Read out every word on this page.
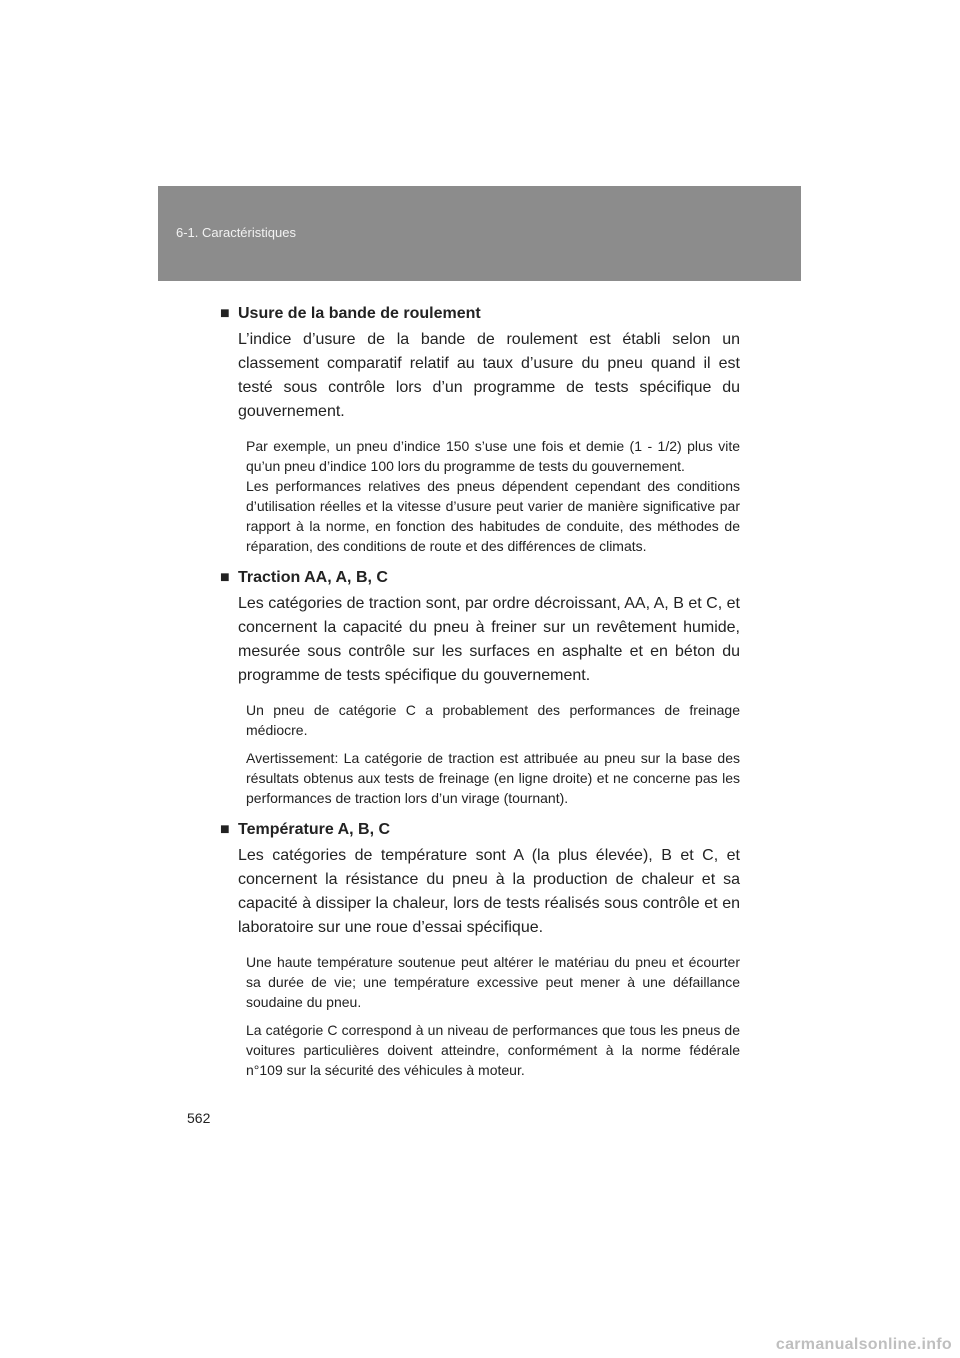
6-1. Caractéristiques

■ Usure de la bande de roulement

L’indice d’usure de la bande de roulement est établi selon un classement comparatif relatif au taux d’usure du pneu quand il est testé sous contrôle lors d’un programme de tests spécifique du gouvernement.

Par exemple, un pneu d’indice 150 s’use une fois et demie (1 - 1/2) plus vite qu’un pneu d’indice 100 lors du programme de tests du gouvernement.

Les performances relatives des pneus dépendent cependant des conditions d’utilisation réelles et la vitesse d’usure peut varier de manière significative par rapport à la norme, en fonction des habitudes de conduite, des méthodes de réparation, des conditions de route et des différences de climats.

■ Traction AA, A, B, C

Les catégories de traction sont, par ordre décroissant, AA, A, B et C, et concernent la capacité du pneu à freiner sur un revêtement humide, mesurée sous contrôle sur les surfaces en asphalte et en béton du programme de tests spécifique du gouvernement.

Un pneu de catégorie C a probablement des performances de freinage médiocre.

Avertissement: La catégorie de traction est attribuée au pneu sur la base des résultats obtenus aux tests de freinage (en ligne droite) et ne concerne pas les performances de traction lors d’un virage (tournant).

■ Température A, B, C

Les catégories de température sont A (la plus élevée), B et C, et concernent la résistance du pneu à la production de chaleur et sa capacité à dissiper la chaleur, lors de tests réalisés sous contrôle et en laboratoire sur une roue d’essai spécifique.

Une haute température soutenue peut altérer le matériau du pneu et écourter sa durée de vie; une température excessive peut mener à une défaillance soudaine du pneu.

La catégorie C correspond à un niveau de performances que tous les pneus de voitures particulières doivent atteindre, conformément à la norme fédérale n°109 sur la sécurité des véhicules à moteur.

562
carmanualsonline.info
